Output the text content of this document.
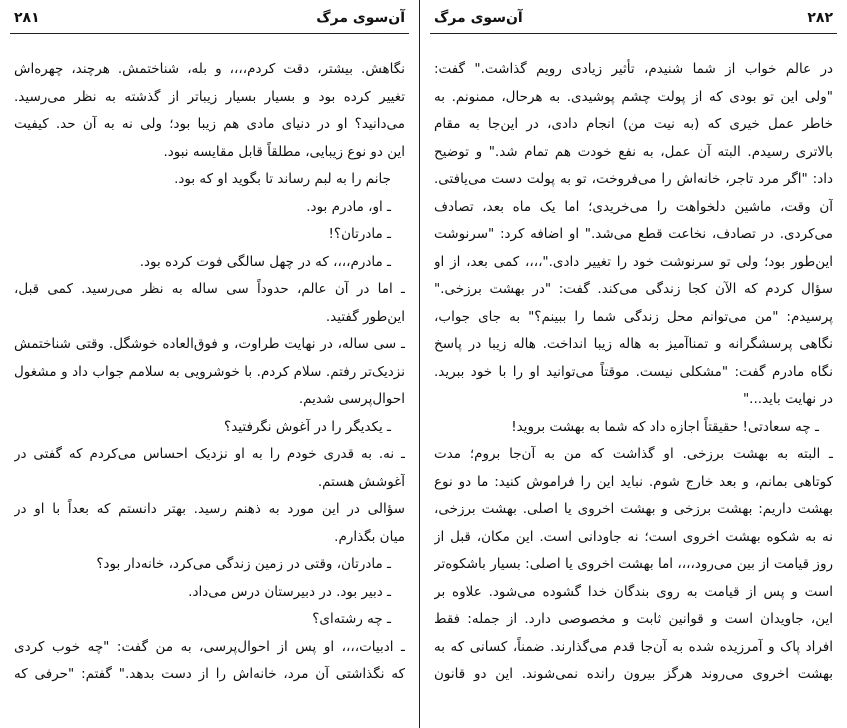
۲۸۱	آن‌سوی مرگ
نگاهش. بیشتر، دقت کردم،،،، و بله، شناختمش. هرچند، چهره‌اش
تغییر کرده بود و بسیار بسیار زیباتر از گذشته به نظر می‌رسید.
می‌دانید؟ او در دنیای مادی هم زیبا بود؛ ولی نه به آن حد. کیفیت
این دو نوع زیبایی، مطلقاً قابل مقایسه نبود.
جانم را به لبم رساند تا بگوید او که بود.
ـ او، مادرم بود.
ـ مادرتان؟!
ـ مادرم،،،، که در چهل سالگی فوت کرده بود.
ـ اما در آن عالم، حدوداً سی ساله به نظر می‌رسید. کمی قبل،
این‌طور گفتید.
ـ سی ساله، در نهایت طراوت، و فوق‌العاده خوشگل. وقتی شناختمش
نزدیک‌تر رفتم. سلام کردم. با خوشرویی به سلامم جواب داد و مشغول
احوال‌پرسی شدیم.
ـ یکدیگر را در آغوش نگرفتید؟
ـ نه. به قدری خودم را به او نزدیک احساس می‌کردم که گفتی در
آغوشش هستم.
سؤالی در این مورد به ذهنم رسید. بهتر دانستم که بعداً با او در
میان بگذارم.
ـ مادرتان، وقتی در زمین زندگی می‌کرد، خانه‌دار بود؟
ـ دبیر بود. در دبیرستان درس می‌داد.
ـ چه رشته‌ای؟
ـ ادبیات،،،، او پس از احوال‌پرسی، به من گفت: "چه خوب کردی
که نگذاشتی آن مرد، خانه‌اش را از دست بدهد." گفتم: "حرفی که
آن‌سوی مرگ	۲۸۲
در عالم خواب از شما شنیدم، تأثیر زیادی رویم گذاشت." گفت:
"ولی این تو بودی که از پولت چشم پوشیدی. به هرحال، ممنونم. به
خاطر عمل خیری که (به نیت من) انجام دادی، در این‌جا به مقام
بالاتری رسیدم. البته آن عمل، به نفع خودت هم تمام شد." و توضیح
داد: "اگر مرد تاجر، خانه‌اش را می‌فروخت، تو به پولت دست می‌یافتی.
آن وقت، ماشین دلخواهت را می‌خریدی؛ اما یک ماه بعد، تصادف
می‌کردی. در تصادف، نخاعت قطع می‌شد." او اضافه کرد: "سرنوشت
این‌طور بود؛ ولی تو سرنوشت خود را تغییر دادی."،،،، کمی بعد، از او
سؤال کردم که الآن کجا زندگی می‌کند. گفت: "در بهشت برزخی."
پرسیدم: "من می‌توانم محل زندگی شما را ببینم؟" به جای جواب،
نگاهی پرسشگرانه و تمنا‌آمیز به هاله زیبا انداخت. هاله زیبا در پاسخ
نگاه مادرم گفت: "مشکلی نیست. موقتاً می‌توانید او را با خود ببرید.
در نهایت باید..."
ـ چه سعادتی! حقیقتاً اجازه داد که شما به بهشت بروید!
ـ البته به بهشت برزخی. او گذاشت که من به آن‌جا بروم؛ مدت
کوتاهی بمانم، و بعد خارج شوم. نباید این را فراموش کنید: ما دو نوع
بهشت داریم: بهشت برزخی و بهشت اخروی یا اصلی. بهشت برزخی،
نه به شکوه بهشت اخروی است؛ نه جاودانی است. این مکان، قبل از
روز قیامت از بین می‌رود،،،، اما بهشت اخروی یا اصلی: بسیار باشکوه‌تر
است و پس از قیامت به روی بندگان خدا گشوده می‌شود. علاوه بر
این، جاویدان است و قوانین ثابت و مخصوصی دارد. از جمله: فقط
افراد پاک و آمرزیده شده به آن‌جا قدم می‌گذارند. ضمناً، کسانی که به
بهشت اخروی می‌روند هرگز بیرون رانده نمی‌شوند. این دو قانون
